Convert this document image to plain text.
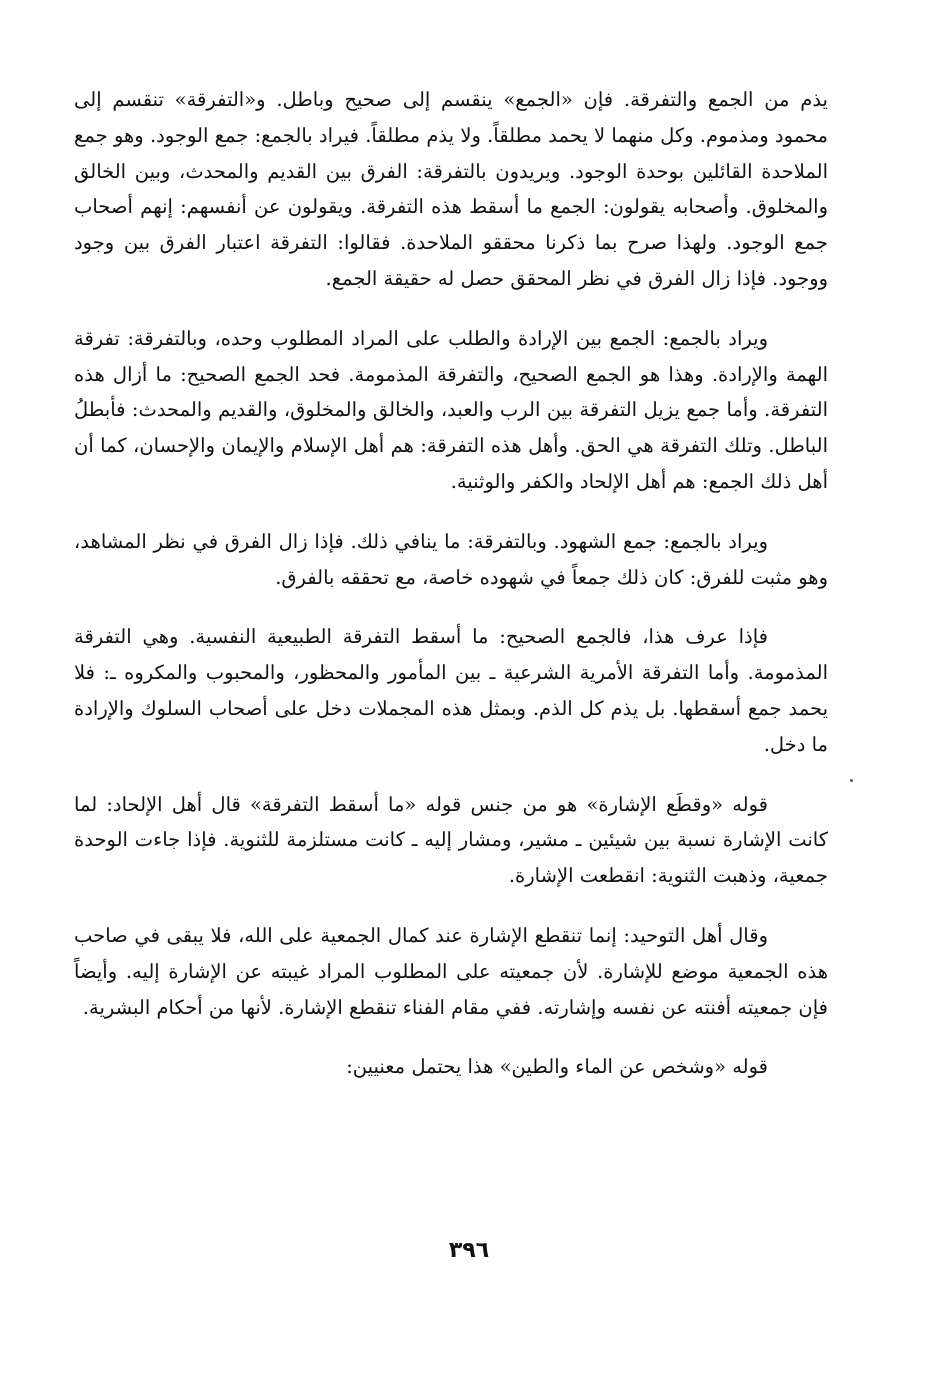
يذم من الجمع والتفرقة. فإن «الجمع» ينقسم إلى صحيح وباطل. و«التفرقة» تنقسم إلى محمود ومذموم. وكل منهما لا يحمد مطلقاً. ولا يذم مطلقاً. فيراد بالجمع: جمع الوجود. وهو جمع الملاحدة القائلين بوحدة الوجود. ويريدون بالتفرقة: الفرق بين القديم والمحدث، وبين الخالق والمخلوق. وأصحابه يقولون: الجمع ما أسقط هذه التفرقة. ويقولون عن أنفسهم: إنهم أصحاب جمع الوجود. ولهذا صرح بما ذكرنا محققو الملاحدة. فقالوا: التفرقة اعتبار الفرق بين وجود ووجود. فإذا زال الفرق في نظر المحقق حصل له حقيقة الجمع.

ويراد بالجمع: الجمع بين الإرادة والطلب على المراد المطلوب وحده، وبالتفرقة: تفرقة الهمة والإرادة. وهذا هو الجمع الصحيح، والتفرقة المذمومة. فحد الجمع الصحيح: ما أزال هذه التفرقة. وأما جمع يزيل التفرقة بين الرب والعبد، والخالق والمخلوق، والقديم والمحدث: فأبطلُ الباطل. وتلك التفرقة هي الحق. وأهل هذه التفرقة: هم أهل الإسلام والإيمان والإحسان، كما أن أهل ذلك الجمع: هم أهل الإلحاد والكفر والوثنية.

ويراد بالجمع: جمع الشهود. وبالتفرقة: ما ينافي ذلك. فإذا زال الفرق في نظر المشاهد، وهو مثبت للفرق: كان ذلك جمعاً في شهوده خاصة، مع تحققه بالفرق.

فإذا عرف هذا، فالجمع الصحيح: ما أسقط التفرقة الطبيعية النفسية. وهي التفرقة المذمومة. وأما التفرقة الأمرية الشرعية ـ بين المأمور والمحظور، والمحبوب والمكروه ـ: فلا يحمد جمع أسقطها. بل يذم كل الذم. وبمثل هذه المجملات دخل على أصحاب السلوك والإرادة ما دخل.

قوله «وقطَع الإشارة» هو من جنس قوله «ما أسقط التفرقة» قال أهل الإلحاد: لما كانت الإشارة نسبة بين شيئين ـ مشير، ومشار إليه ـ كانت مستلزمة للثنوية. فإذا جاءت الوحدة جمعية، وذهبت الثنوية: انقطعت الإشارة.

وقال أهل التوحيد: إنما تنقطع الإشارة عند كمال الجمعية على الله، فلا يبقى في صاحب هذه الجمعية موضع للإشارة. لأن جمعيته على المطلوب المراد غيبته عن الإشارة إليه. وأيضاً فإن جمعيته أفنته عن نفسه وإشارته. ففي مقام الفناء تنقطع الإشارة. لأنها من أحكام البشرية.

قوله «وشخص عن الماء والطين» هذا يحتمل معنيين:

٣٩٦
